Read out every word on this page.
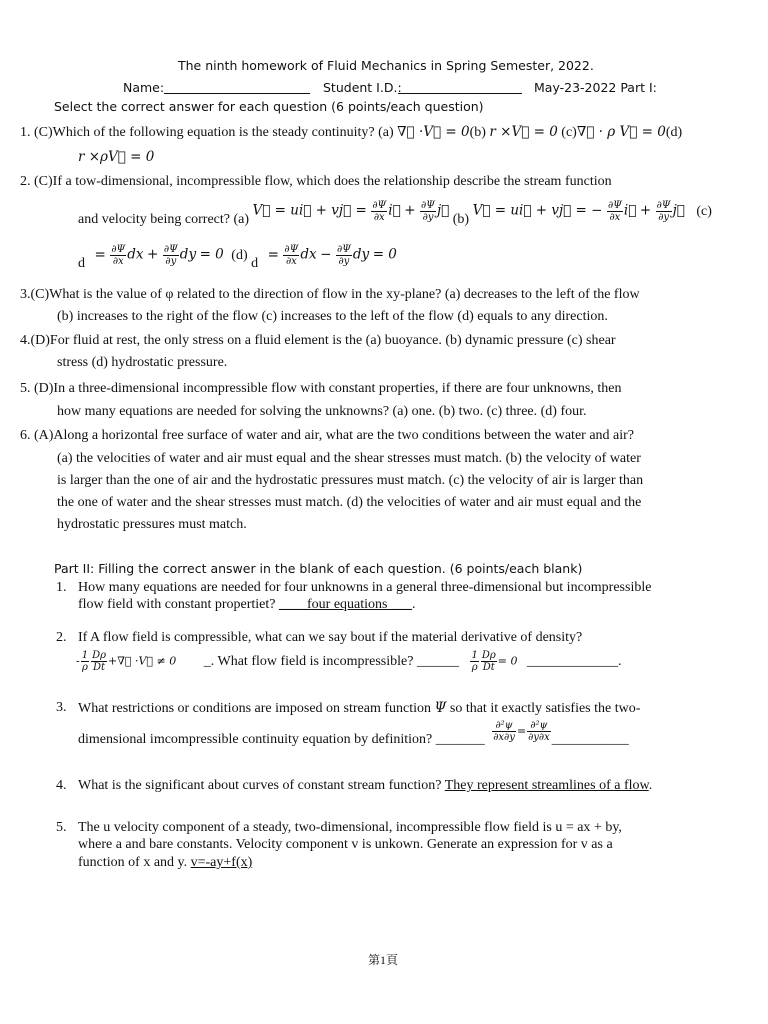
The ninth homework of Fluid Mechanics in Spring Semester, 2022.
Name:	Student I.D.:	May-23-2022 Part I:
Select the correct answer for each question (6 points/each question)
1. (C)Which of the following equation is the steady continuity? (a) ∇⃗ ·V⃗ = 0(b) r ×V⃗ = 0 (c)∇⃗ · ρ V⃗ = 0(d)
r ×ρV⃗ = 0
2. (C)If a tow-dimensional, incompressible flow, which does the relationship describe the stream function
and velocity being correct? (a) V⃗ = ui⃗ + vj⃗ = $\frac{\partial\Psi}{\partial x}$ i⃗ + $\frac{\partial\Psi}{\partial y}$ j⃗ (b) V⃗ = ui⃗ + vj⃗ = − $\frac{\partial\Psi}{\partial x}$ i⃗ + $\frac{\partial\Psi}{\partial y}$ j⃗ (c)
$d = \frac{\partial\Psi}{\partial x}$ dx + $\frac{\partial\Psi}{\partial y}$ dy = 0 (d) $d = \frac{\partial\Psi}{\partial x}$ dx − $\frac{\partial\Psi}{\partial y}$ dy = 0
3.(C)What is the value of φ related to the direction of flow in the xy-plane? (a) decreases to the left of the flow
(b) increases to the right of the flow (c) increases to the left of the flow (d) equals to any direction.
4.(D)For fluid at rest, the only stress on a fluid element is the (a) buoyance. (b) dynamic pressure (c) shear
stress (d) hydrostatic pressure.
5. (D)In a three-dimensional incompressible flow with constant properties, if there are four unknowns, then
how many equations are needed for solving the unknowns? (a) one. (b) two. (c) three. (d) four.
6. (A)Along a horizontal free surface of water and air, what are the two conditions between the water and air?
(a) the velocities of water and air must equal and the shear stresses must match. (b) the velocity of water
is larger than the one of air and the hydrostatic pressures must match. (c) the velocity of air is larger than
the one of water and the shear stresses must match. (d) the velocities of water and air must equal and the
hydrostatic pressures must match.
Part II: Filling the correct answer in the blank of each question. (6 points/each blank)
1. How many equations are needed for four unknowns in a general three-dimensional but incompressible
flow field with constant propertiet? ____four equations ___.
2. If A flow field is compressible, what can we say bout if the material derivative of density?
- $\frac{1}{\rho} \frac{D\rho}{Dt}$ +∇⃗ ·V⃗ ≠ 0 _. What flow field is incompressible? ______ $\frac{1}{\rho} \frac{D\rho}{Dt} = 0$ _____________.
3. What restrictions or conditions are imposed on stream function Ψ so that it exactly satisfies the two-
dimensional imcompressible continuity equation by definition? _______ $\frac{\text{∂²ψ}}{\partial x\partial y} = \frac{\text{∂²ψ}}{\partial y\partial x}$ ___________
4. What is the significant about curves of constant stream function? They represent streamlines of a flow.
5. The u velocity component of a steady, two-dimensional, incompressible flow field is u = ax + by,
where a and bare constants. Velocity component v is unkown. Generate an expression for v as a
function of x and y. v=-ay+f(x)
第1頁
